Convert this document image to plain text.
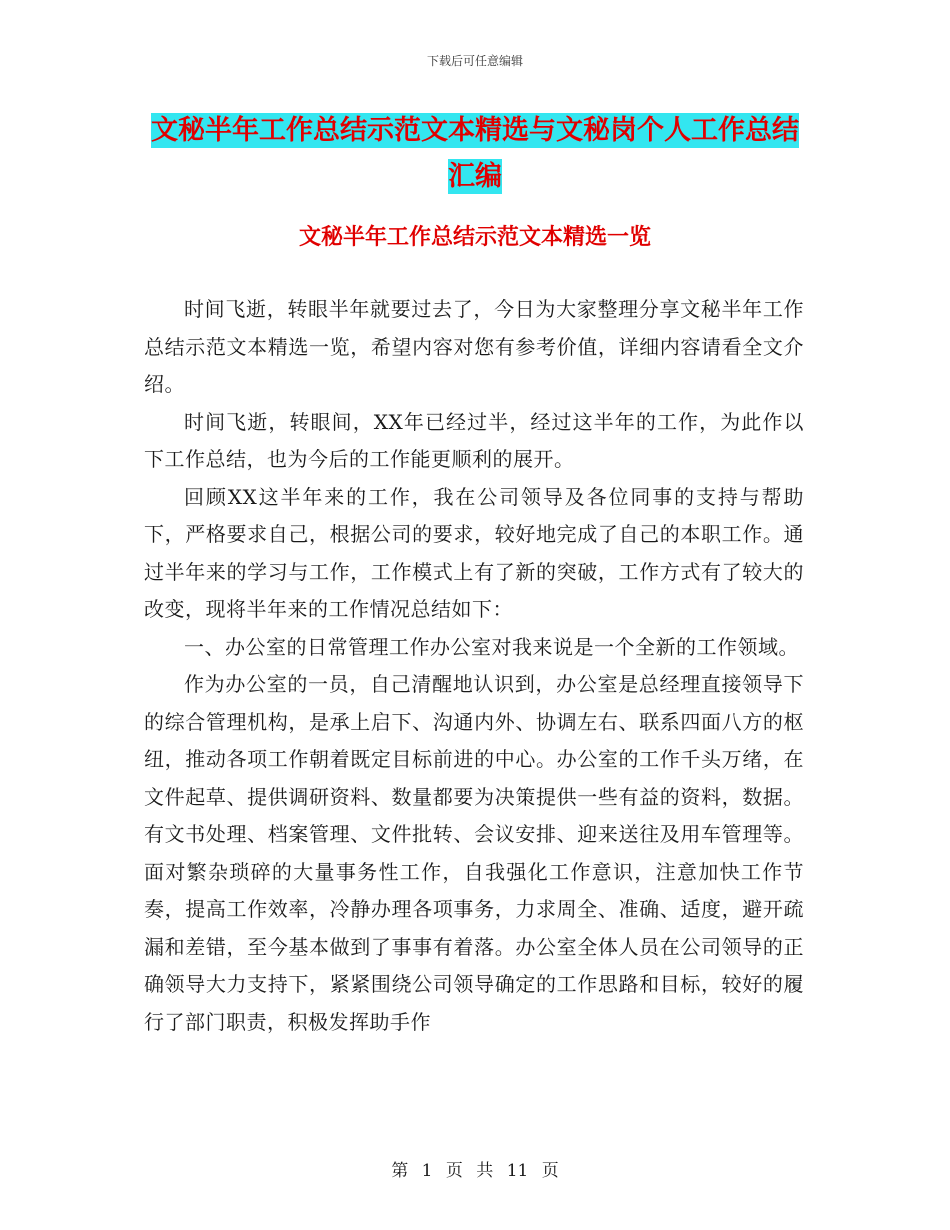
下载后可任意编辑
文秘半年工作总结示范文本精选与文秘岗个人工作总结汇编
文秘半年工作总结示范文本精选一览

时间飞逝，转眼半年就要过去了，今日为大家整理分享文秘半年工作总结示范文本精选一览，希望内容对您有参考价值，详细内容请看全文介绍。

时间飞逝，转眼间，XX年已经过半，经过这半年的工作，为此作以下工作总结，也为今后的工作能更顺利的展开。

回顾XX这半年来的工作，我在公司领导及各位同事的支持与帮助下，严格要求自己，根据公司的要求，较好地完成了自己的本职工作。通过半年来的学习与工作，工作模式上有了新的突破，工作方式有了较大的改变，现将半年来的工作情况总结如下：

一、办公室的日常管理工作办公室对我来说是一个全新的工作领域。

作为办公室的一员，自己清醒地认识到，办公室是总经理直接领导下的综合管理机构，是承上启下、沟通内外、协调左右、联系四面八方的枢纽，推动各项工作朝着既定目标前进的中心。办公室的工作千头万绪，在文件起草、提供调研资料、数量都要为决策提供一些有益的资料，数据。有文书处理、档案管理、文件批转、会议安排、迎来送往及用车管理等。面对繁杂琐碎的大量事务性工作，自我强化工作意识，注意加快工作节奏，提高工作效率，冷静办理各项事务，力求周全、准确、适度，避开疏漏和差错，至今基本做到了事事有着落。办公室全体人员在公司领导的正确领导大力支持下，紧紧围绕公司领导确定的工作思路和目标，较好的履行了部门职责，积极发挥助手作

第 1 页 共 11 页
